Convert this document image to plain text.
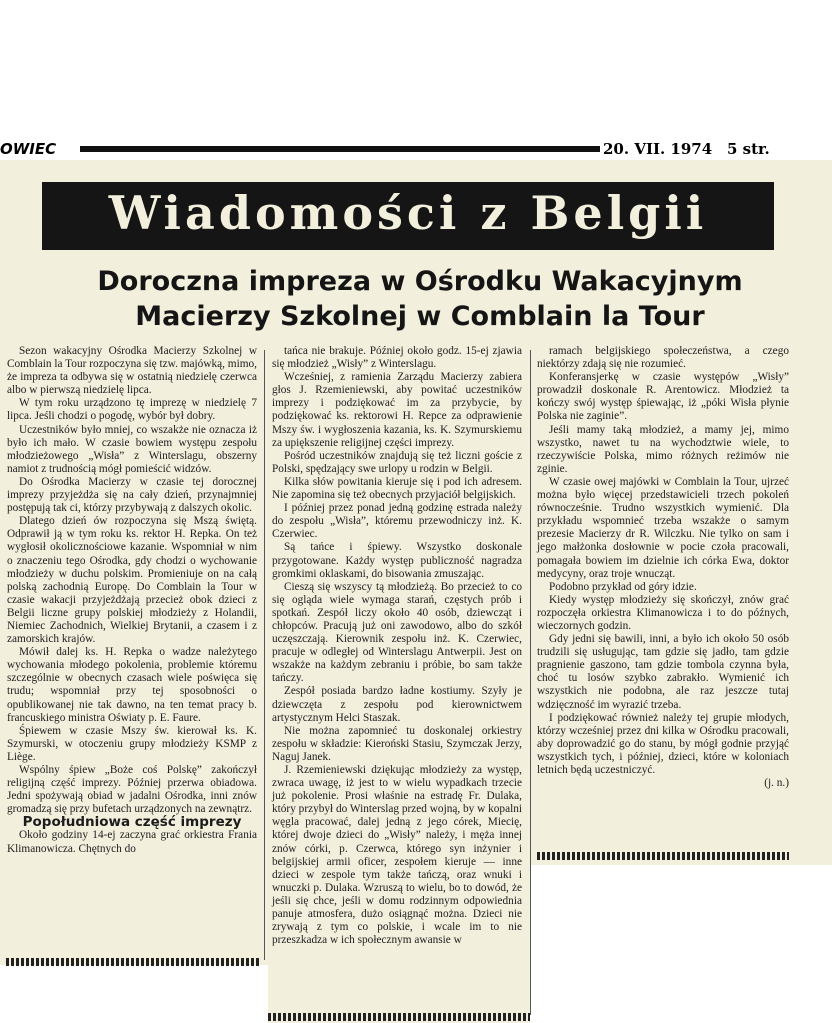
OWIEC	20. VII. 1974 5 str.
Wiadomości z Belgii
Doroczna impreza w Ośrodku Wakacyjnym
Macierzy Szkolnej w Comblain la Tour

Sezon wakacyjny Ośrodka Macierzy Szkolnej w Comblain la Tour rozpoczyna się tzw. majówką, mimo, że impreza ta odbywa się w ostatnią niedzielę czerwca albo w pierwszą niedzielę lipca.

W tym roku urządzono tę imprezę w niedzielę 7 lipca. Jeśli chodzi o pogodę, wybór był dobry.

Uczestników było mniej, co wszakże nie oznacza iż było ich mało. W czasie bowiem występu zespołu młodzieżowego „Wisła” z Winterslagu, obszerny namiot z trudnością mógł pomieścić widzów.

Do Ośrodka Macierzy w czasie tej dorocznej imprezy przyjeżdża się na cały dzień, przynajmniej postępują tak ci, którzy przybywają z dalszych okolic.

Dlatego dzień ów rozpoczyna się Mszą świętą. Odprawił ją w tym roku ks. rektor H. Repka. On też wygłosił okolicznościowe kazanie. Wspomniał w nim o znaczeniu tego Ośrodka, gdy chodzi o wychowanie młodzieży w duchu polskim. Promieniuje on na całą polską zachodnią Europę. Do Comblain la Tour w czasie wakacji przyjeżdżają przecież obok dzieci z Belgii liczne grupy polskiej młodzieży z Holandii, Niemiec Zachodnich, Wielkiej Brytanii, a czasem i z zamorskich krajów.

Mówił dalej ks. H. Repka o wadze należytego wychowania młodego pokolenia, problemie któremu szczególnie w obecnych czasach wiele poświęca się trudu; wspomniał przy tej sposobności o opublikowanej nie tak dawno, na ten temat pracy b. francuskiego ministra Oświaty p. E. Faure.

Śpiewem w czasie Mszy św. kierował ks. K. Szymurski, w otoczeniu grupy młodzieży KSMP z Liège.

Wspólny śpiew „Boże coś Polskę” zakończył religijną część imprezy. Później przerwa obiadowa. Jedni spożywają obiad w jadalni Ośrodka, inni znów gromadzą się przy bufetach urządzonych na zewnątrz.

Popołudniowa część imprezy

Około godziny 14-ej zaczyna grać orkiestra Frania Klimanowicza. Chętnych do

tańca nie brakuje. Później około godz. 15-ej zjawia się młodzież „Wisły” z Winterslagu.

Wcześniej, z ramienia Zarządu Macierzy zabiera głos J. Rzemieniewski, aby powitać uczestników imprezy i podziękować im za przybycie, by podziękować ks. rektorowi H. Repce za odprawienie Mszy św. i wygłoszenia kazania, ks. K. Szymurskiemu za upiększenie religijnej części imprezy.

Pośród uczestników znajdują się też liczni goście z Polski, spędzający swe urlopy u rodzin w Belgii.

Kilka słów powitania kieruje się i pod ich adresem. Nie zapomina się też obecnych przyjaciół belgijskich.

I później przez ponad jedną godzinę estrada należy do zespołu „Wisła”, któremu przewodniczy inż. K. Czerwiec.

Są tańce i śpiewy. Wszystko doskonale przygotowane. Każdy występ publiczność nagradza gromkimi oklaskami, do bisowania zmuszając.

Cieszą się wszyscy tą młodzieżą. Bo przecież to co się ogląda wiele wymaga starań, częstych prób i spotkań. Zespół liczy około 40 osób, dziewcząt i chłopców. Pracują już oni zawodowo, albo do szkół uczęszczają. Kierownik zespołu inż. K. Czerwiec, pracuje w odległej od Winterslagu Antwerpii. Jest on wszakże na każdym zebraniu i próbie, bo sam także tańczy.

Zespół posiada bardzo ładne kostiumy. Szyły je dziewczęta z zespołu pod kierownictwem artystycznym Helci Staszak.

Nie można zapomnieć tu doskonalej orkiestry zespołu w składzie: Kieroński Stasiu, Szymczak Jerzy, Naguj Janek.

J. Rzemieniewski dziękując młodzieży za występ, zwraca uwagę, iż jest to w wielu wypadkach trzecie już pokolenie. Prosi właśnie na estradę Fr. Dulaka, który przybył do Winterslag przed wojną, by w kopalni węgla pracować, dalej jedną z jego córek, Miecię, której dwoje dzieci do „Wisły” należy, i męża innej znów córki, p. Czerwca, którego syn inżynier i belgijskiej armii oficer, zespołem kieruje — inne dzieci w zespole tym także tańczą, oraz wnuki i wnuczki p. Dulaka. Wzruszą to wielu, bo to dowód, że jeśli się chce, jeśli w domu rodzinnym odpowiednia panuje atmosfera, dużo osiągnąć można. Dzieci nie zrywają z tym co polskie, i wcale im to nie przeszkadza w ich społecznym awansie w

ramach belgijskiego społeczeństwa, a czego niektórzy zdają się nie rozumieć.

Konferansjerkę w czasie występów „Wisły” prowadził doskonale R. Arentowicz. Młodzież ta kończy swój występ śpiewając, iż „póki Wisła płynie Polska nie zaginie”.

Jeśli mamy taką młodzież, a mamy jej, mimo wszystko, nawet tu na wychodztwie wiele, to rzeczywiście Polska, mimo różnych reżimów nie zginie.

W czasie owej majówki w Comblain la Tour, ujrzeć można było więcej przedstawicieli trzech pokoleń równocześnie. Trudno wszystkich wymienić. Dla przykładu wspomnieć trzeba wszakże o samym prezesie Macierzy dr R. Wilczku. Nie tylko on sam i jego małżonka dosłownie w pocie czoła pracowali, pomagała bowiem im dzielnie ich córka Ewa, doktor medycyny, oraz troje wnucząt.

Podobno przykład od góry idzie.

Kiedy występ młodzieży się skończył, znów grać rozpoczęła orkiestra Klimanowicza i to do późnych, wieczornych godzin.

Gdy jedni się bawili, inni, a było ich około 50 osób trudzili się usługując, tam gdzie się jadło, tam gdzie pragnienie gaszono, tam gdzie tombola czynna była, choć tu losów szybko zabrakło. Wymienić ich wszystkich nie podobna, ale raz jeszcze tutaj wdzięczność im wyrazić trzeba.

I podziękować również należy tej grupie młodych, którzy wcześniej przez dni kilka w Ośrodku pracowali, aby doprowadzić go do stanu, by mógł godnie przyjąć wszystkich tych, i później, dzieci, które w koloniach letnich będą uczestniczyć.

(j. n.)
